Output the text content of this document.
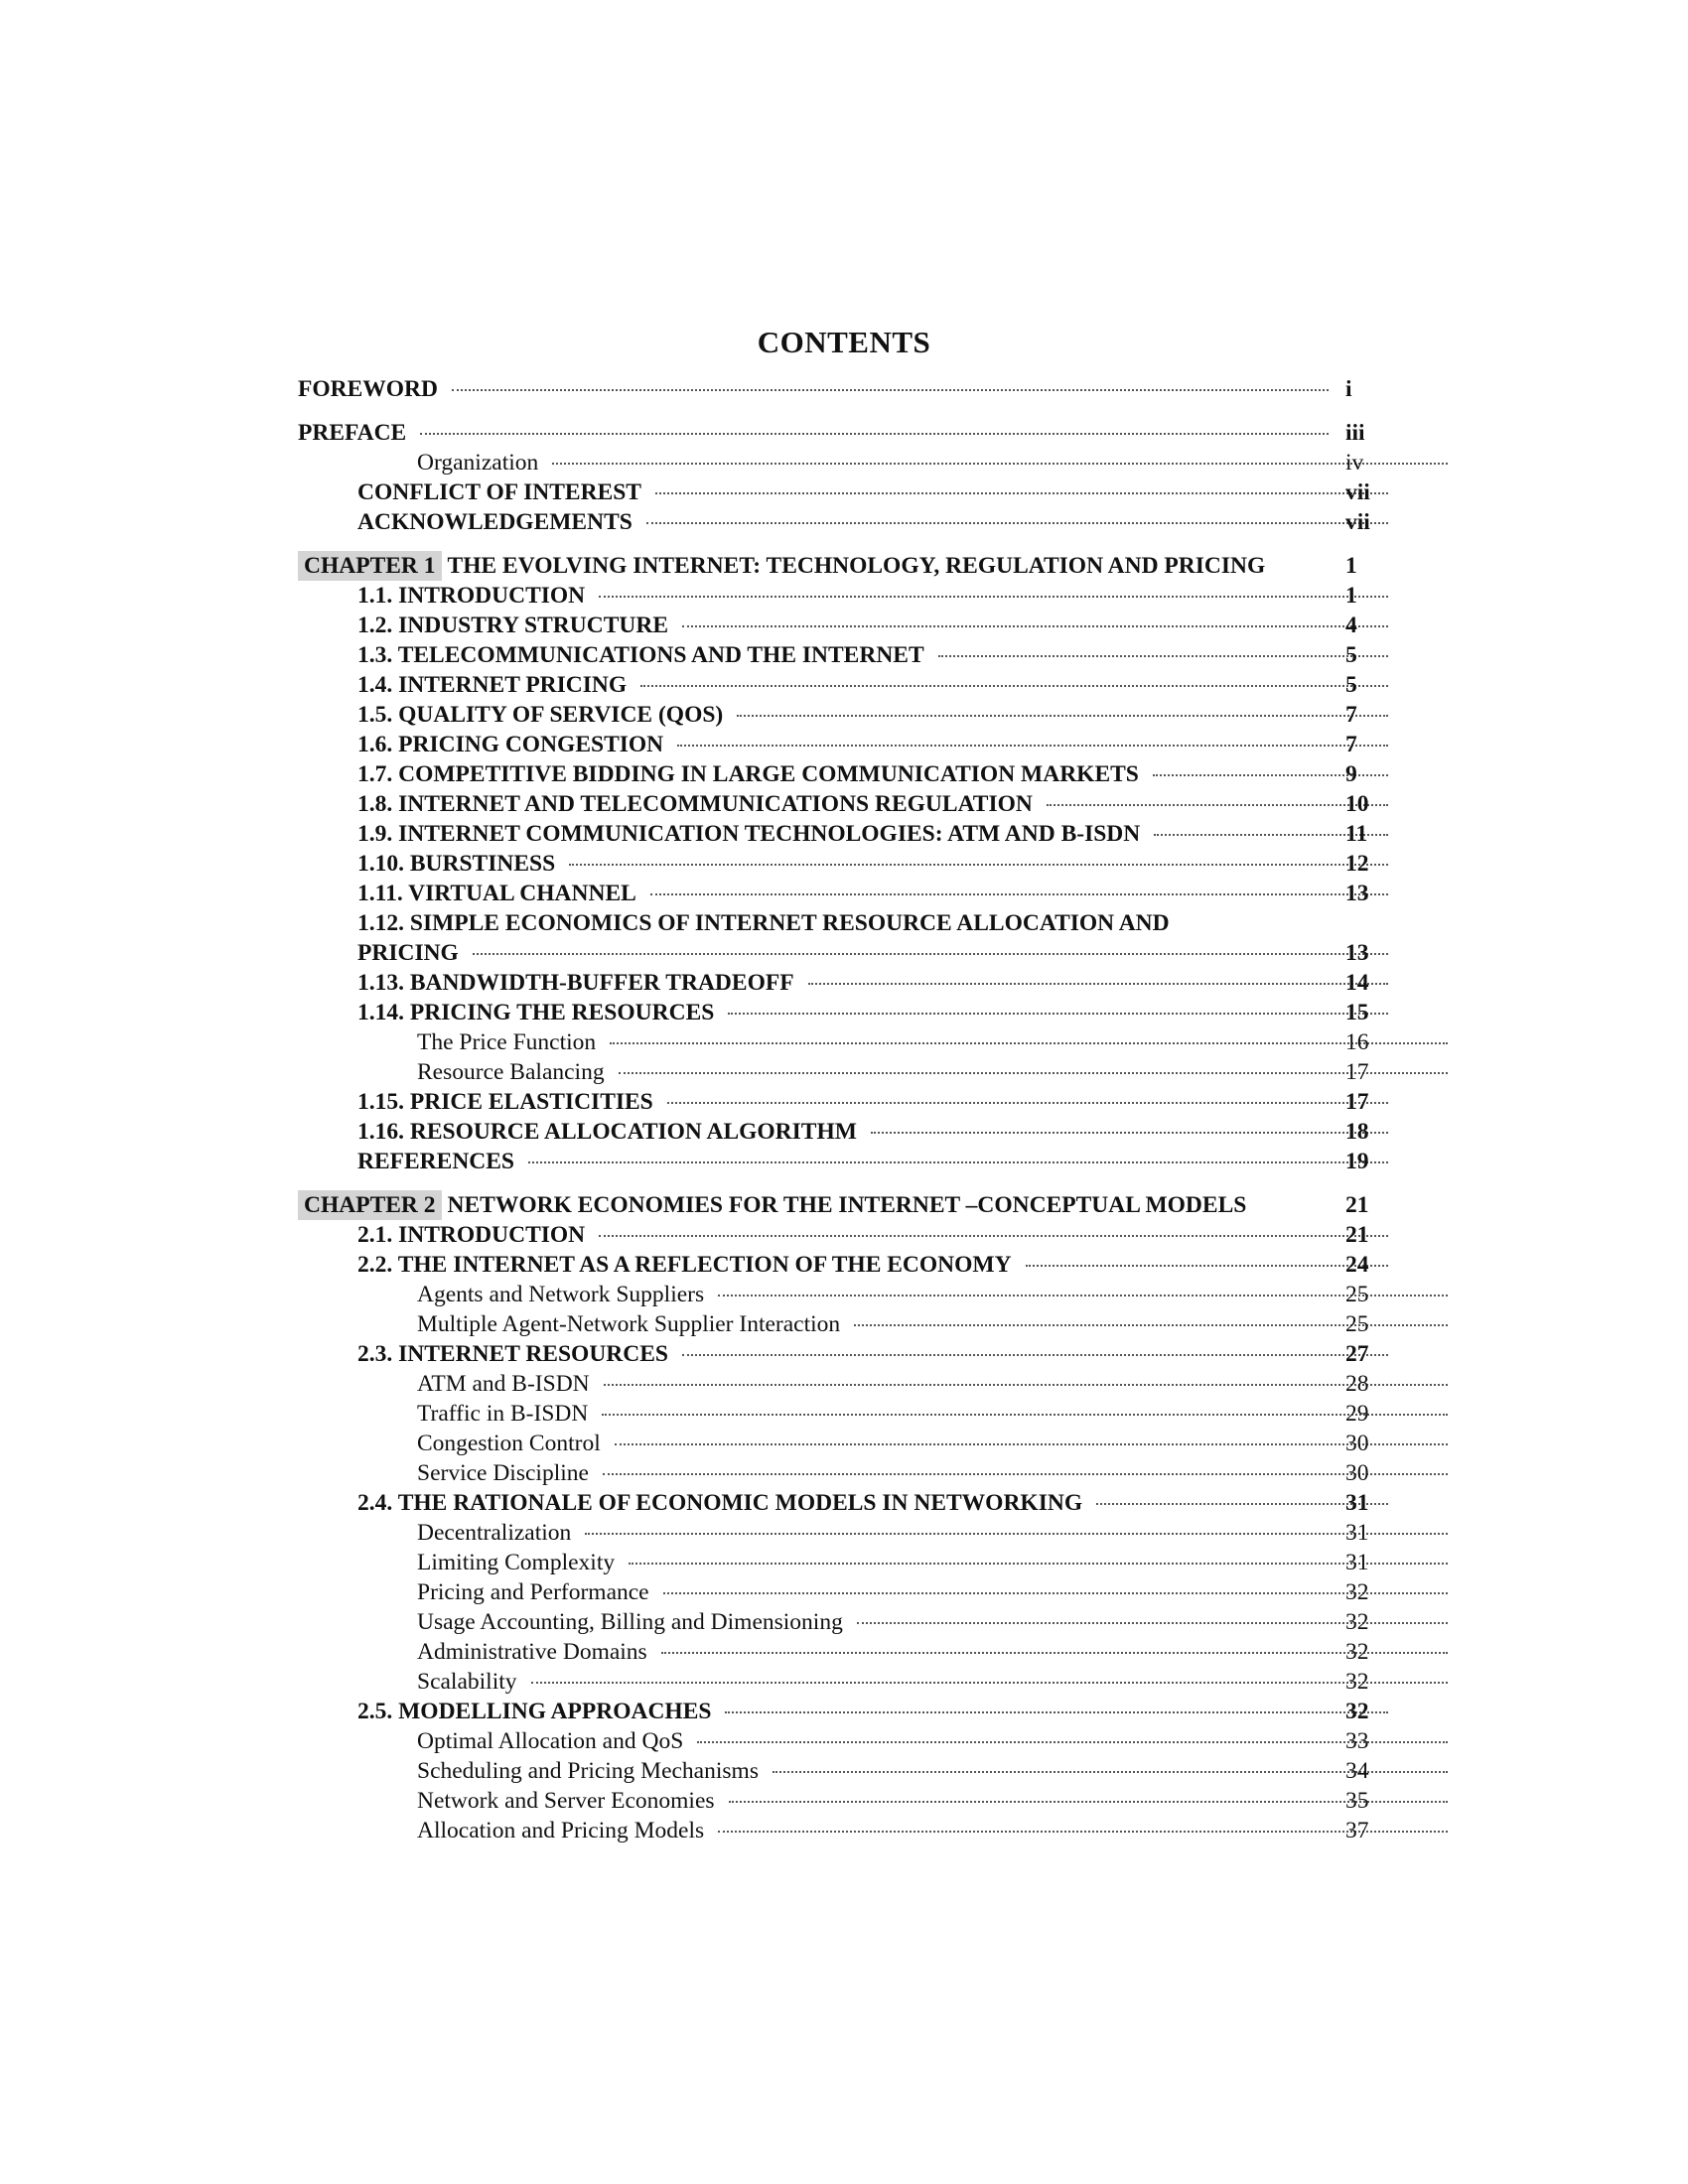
CONTENTS
FOREWORD	i
PREFACE	iii
Organization	iv
CONFLICT OF INTEREST	vii
ACKNOWLEDGEMENTS	vii
CHAPTER 1 THE EVOLVING INTERNET: TECHNOLOGY, REGULATION AND PRICING	1
1.1. INTRODUCTION	1
1.2. INDUSTRY STRUCTURE	4
1.3. TELECOMMUNICATIONS AND THE INTERNET	5
1.4. INTERNET PRICING	5
1.5. QUALITY OF SERVICE (QOS)	7
1.6. PRICING CONGESTION	7
1.7. COMPETITIVE BIDDING IN LARGE COMMUNICATION MARKETS	9
1.8. INTERNET AND TELECOMMUNICATIONS REGULATION	10
1.9. INTERNET COMMUNICATION TECHNOLOGIES: ATM AND B-ISDN	11
1.10. BURSTINESS	12
1.11. VIRTUAL CHANNEL	13
1.12. SIMPLE ECONOMICS OF INTERNET RESOURCE ALLOCATION AND
PRICING	13
1.13. BANDWIDTH-BUFFER TRADEOFF	14
1.14. PRICING THE RESOURCES	15
The Price Function	16
Resource Balancing	17
1.15. PRICE ELASTICITIES	17
1.16. RESOURCE ALLOCATION ALGORITHM	18
REFERENCES	19
CHAPTER 2 NETWORK ECONOMIES FOR THE INTERNET –CONCEPTUAL MODELS	21
2.1. INTRODUCTION	21
2.2. THE INTERNET AS A REFLECTION OF THE ECONOMY	24
Agents and Network Suppliers	25
Multiple Agent-Network Supplier Interaction	25
2.3. INTERNET RESOURCES	27
ATM and B-ISDN	28
Traffic in B-ISDN	29
Congestion Control	30
Service Discipline	30
2.4. THE RATIONALE OF ECONOMIC MODELS IN NETWORKING	31
Decentralization	31
Limiting Complexity	31
Pricing and Performance	32
Usage Accounting, Billing and Dimensioning	32
Administrative Domains	32
Scalability	32
2.5. MODELLING APPROACHES	32
Optimal Allocation and QoS	33
Scheduling and Pricing Mechanisms	34
Network and Server Economies	35
Allocation and Pricing Models	37
